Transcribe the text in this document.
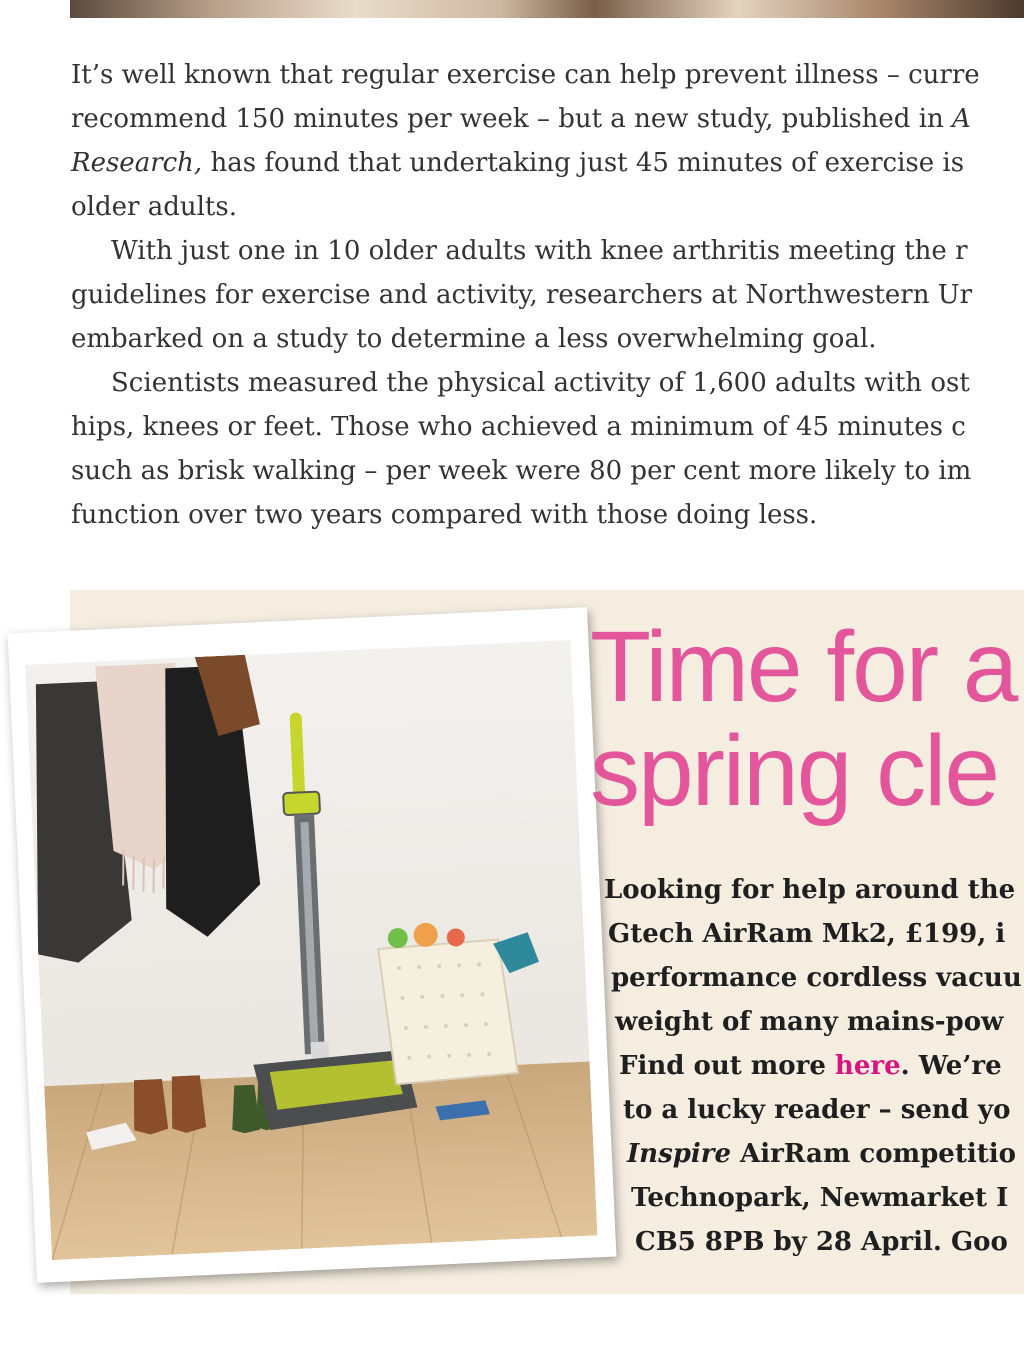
It’s well known that regular exercise can help prevent illness – curre

recommend 150 minutes per week – but a new study, published in A

Research, has found that undertaking just 45 minutes of exercise is

older adults.

With just one in 10 older adults with knee arthritis meeting the r

guidelines for exercise and activity, researchers at Northwestern Ur

embarked on a study to determine a less overwhelming goal.

Scientists measured the physical activity of 1,600 adults with ost

hips, knees or feet. Those who achieved a minimum of 45 minutes c

such as brisk walking – per week were 80 per cent more likely to im

function over two years compared with those doing less.

Time for a
spring cle
Looking for help around the
Gtech AirRam Mk2, £199, i
performance cordless vacuu
weight of many mains-pow
Find out more here. We’re
to a lucky reader – send yo
Inspire AirRam competitio
Technopark, Newmarket I
CB5 8PB by 28 April. Goo
